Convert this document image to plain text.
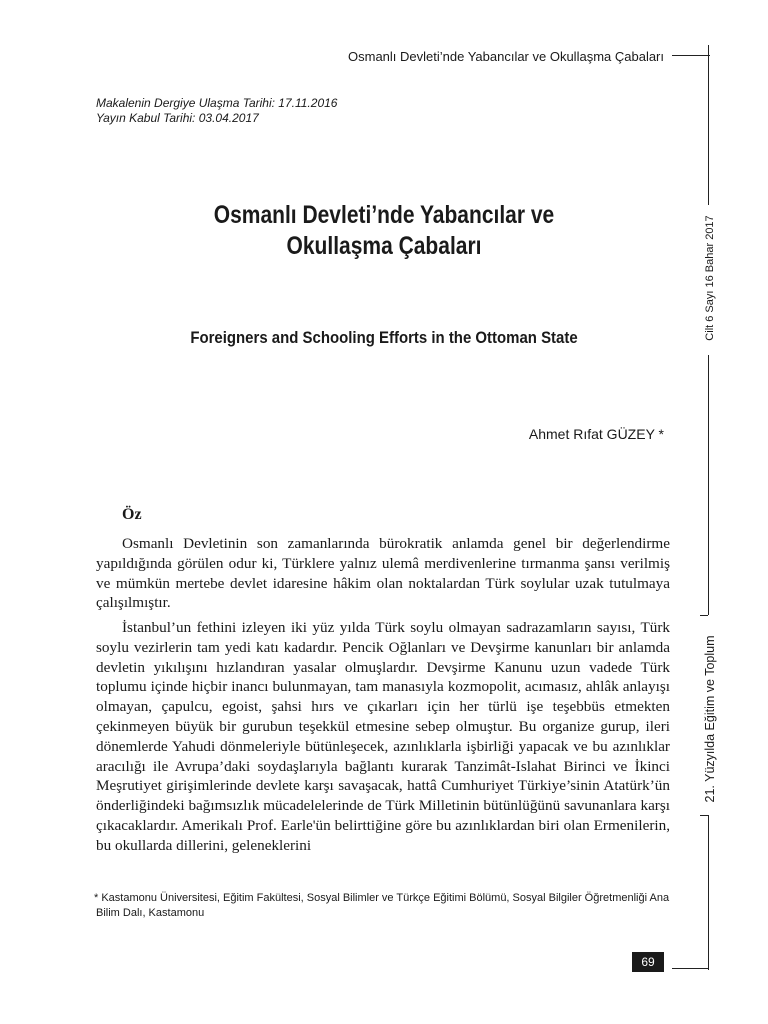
Osmanlı Devleti’nde Yabancılar ve Okullaşma Çabaları
Cilt 6 Sayı 16 Bahar 2017
21. Yüzyılda Eğitim ve Toplum
Makalenin Dergiye Ulaşma Tarihi: 17.11.2016
Yayın Kabul Tarihi: 03.04.2017
Osmanlı Devleti’nde Yabancılar ve
Okullaşma Çabaları
Foreigners and Schooling Efforts in the Ottoman State
Ahmet Rıfat GÜZEY *
Öz

Osmanlı Devletinin son zamanlarında bürokratik anlamda genel bir değerlendirme yapıldığında görülen odur ki, Türklere yalnız ulemâ merdivenlerine tırmanma şansı verilmiş ve mümkün mertebe devlet idaresine hâkim olan noktalardan Türk soylular uzak tutulmaya çalışılmıştır.

İstanbul’un fethini izleyen iki yüz yılda Türk soylu olmayan sadrazamların sayısı, Türk soylu vezirlerin tam yedi katı kadardır. Pencik Oğlanları ve Devşirme kanunları bir anlamda devletin yıkılışını hızlandıran yasalar olmuşlardır. Devşirme Kanunu uzun vadede Türk toplumu içinde hiçbir inancı bulunmayan, tam manasıyla kozmopolit, acımasız, ahlâk anlayışı olmayan, çapulcu, egoist, şahsi hırs ve çıkarları için her türlü işe teşebbüs etmekten çekinmeyen büyük bir gurubun teşekkül etmesine sebep olmuştur. Bu organize gurup, ileri dönemlerde Yahudi dönmeleriyle bütünleşecek, azınlıklarla işbirliği yapacak ve bu azınlıklar aracılığı ile Avrupa’daki soydaşlarıyla bağlantı kurarak Tanzimât-Islahat Birinci ve İkinci Meşrutiyet girişimlerinde devlete karşı savaşacak, hattâ Cumhuriyet Türkiye’sinin Atatürk’ün önderliğindeki bağımsızlık mücadelelerinde de Türk Milletinin bütünlüğünü savunanlara karşı çıkacaklardır. Amerikalı Prof. Earle'ün belirttiğine göre bu azınlıklardan biri olan Ermenilerin, bu okullarda dillerini, geleneklerini

* Kastamonu Üniversitesi, Eğitim Fakültesi, Sosyal Bilimler ve Türkçe Eğitimi Bölümü, Sosyal Bilgiler Öğretmenliği Ana Bilim Dalı, Kastamonu
69
